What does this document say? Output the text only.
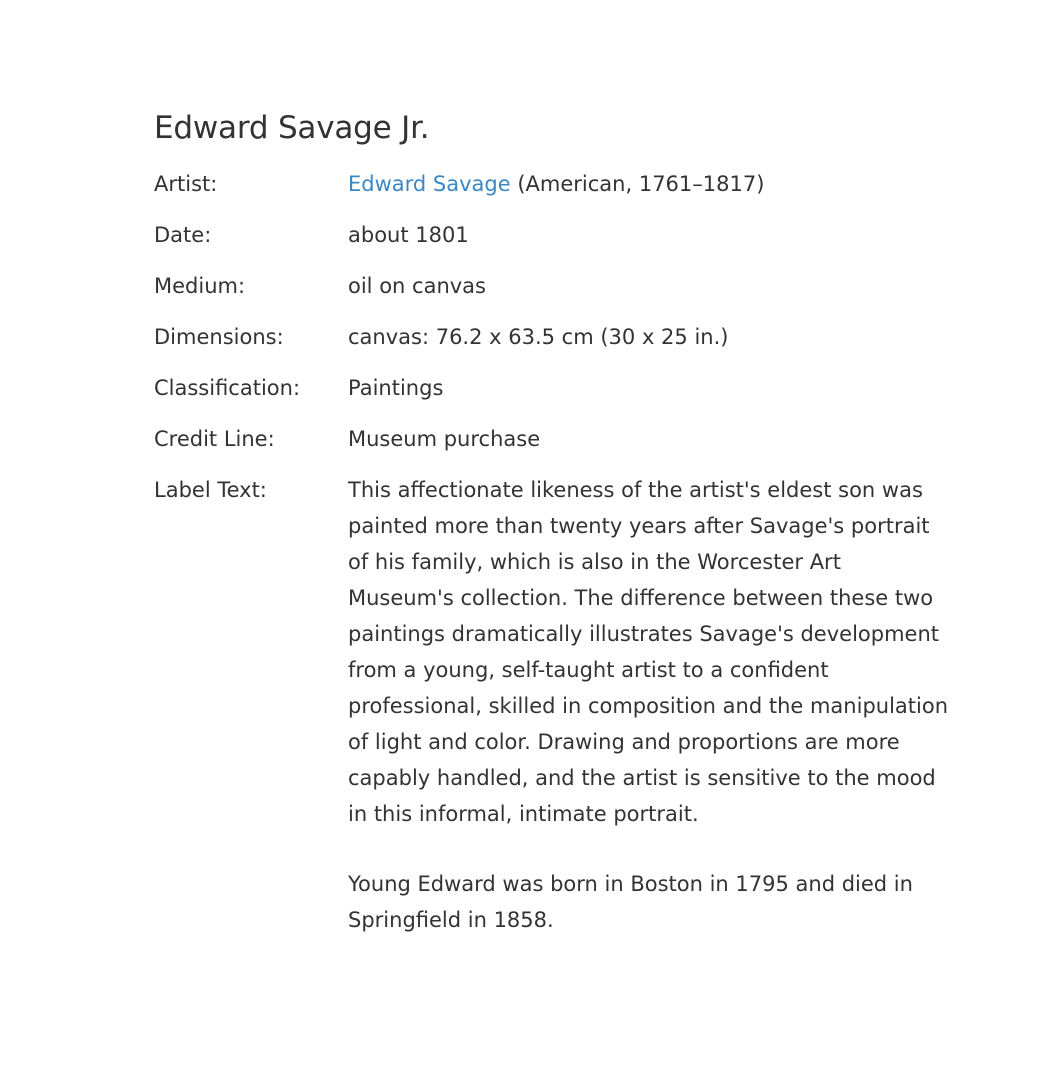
Edward Savage Jr.
Artist:	Edward Savage (American, 1761–1817)
Date:	about 1801
Medium:	oil on canvas
Dimensions:	canvas: 76.2 x 63.5 cm (30 x 25 in.)
Classification:	Paintings
Credit Line:	Museum purchase
Label Text:	This affectionate likeness of the artist's eldest son was painted more than twenty years after Savage's portrait of his family, which is also in the Worcester Art Museum's collection. The difference between these two paintings dramatically illustrates Savage's development from a young, self-taught artist to a confident professional, skilled in composition and the manipulation of light and color. Drawing and proportions are more capably handled, and the artist is sensitive to the mood in this informal, intimate portrait.

Young Edward was born in Boston in 1795 and died in Springfield in 1858.
